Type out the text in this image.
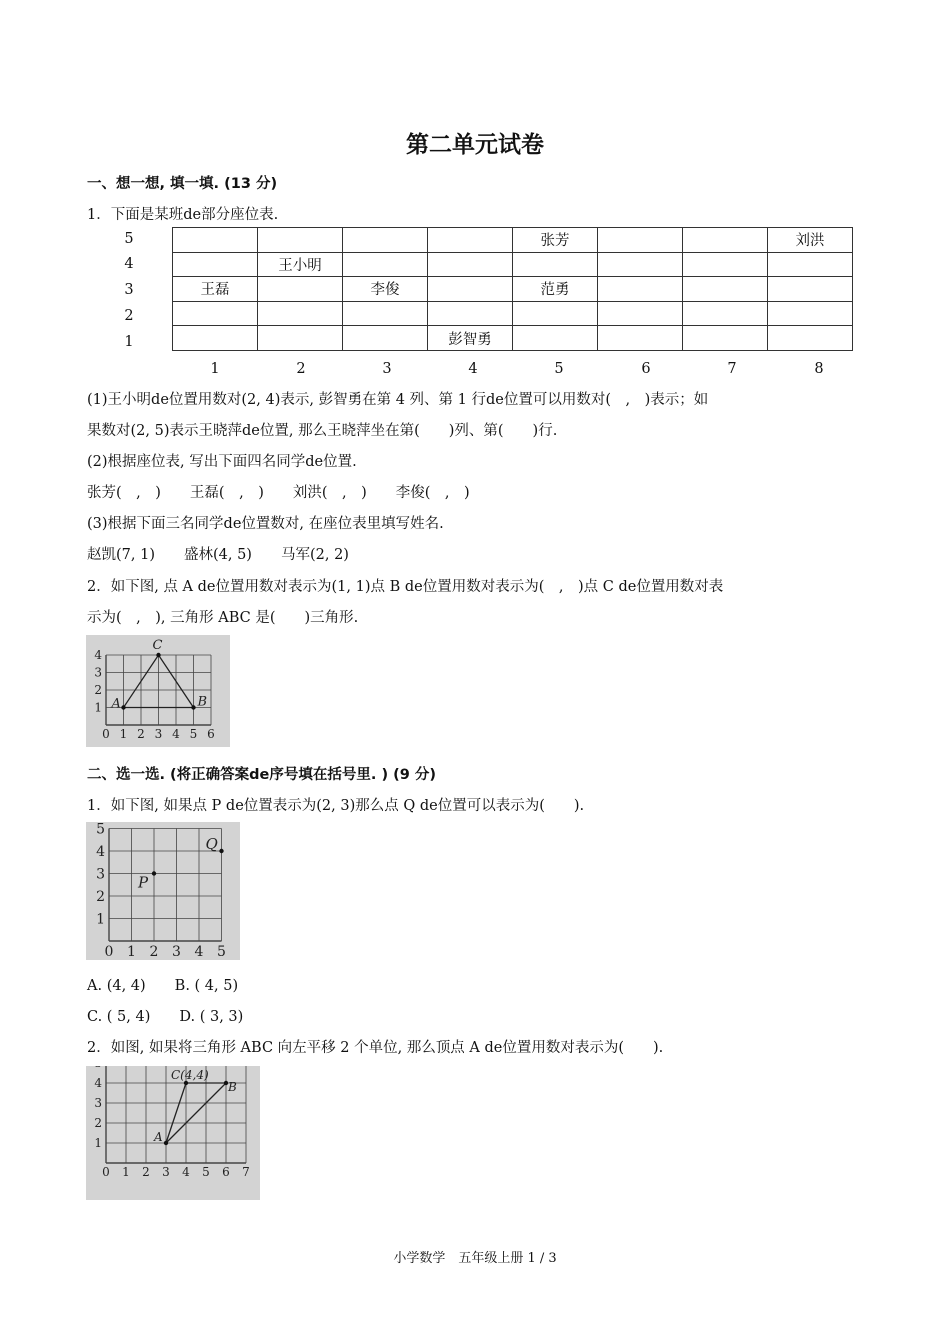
第二单元试卷
一、想一想, 填一填. (13 分)
1．下面是某班de部分座位表.
5
4
3
2
1
				张芳			刘洪
	王小明						
王磊		李俊		范勇			

			彭智勇				
1	2	3	4	5	6	7	8
(1)王小明de位置用数对(2, 4)表示, 彭智勇在第 4 列、第 1 行de位置可以用数对(　,　)表示；如
果数对(2, 5)表示王晓萍de位置, 那么王晓萍坐在第(　　)列、第(　　)行.
(2)根据座位表, 写出下面四名同学de位置.
张芳(　,　)　　王磊(　,　)　　刘洪(　,　)　　李俊(　,　)
(3)根据下面三名同学de位置数对, 在座位表里填写姓名.
赵凯(7, 1)　　盛林(4, 5)　　马军(2, 2)
2．如下图, 点 A de位置用数对表示为(1, 1)点 B de位置用数对表示为(　,　)点 C de位置用数对表
示为(　,　), 三角形 ABC 是(　　)三角形.
0 1 2 3 4 5 6
1
2
3
4
A	B
C
二、选一选. (将正确答案de序号填在括号里. ) (9 分)
1．如下图, 如果点 P de位置表示为(2, 3)那么点 Q de位置可以表示为(　　).
0 1 2 3 4 5
1
2
3
4
5
P
Q
A. (4, 4)　　B. ( 4, 5)
C. ( 5, 4)　　D. ( 3, 3)
2．如图, 如果将三角形 ABC 向左平移 2 个单位, 那么顶点 A de位置用数对表示为(　　).
0 1 2 3 4 5 6 7
1
2
3
4
A
B
C(4,4)
小学数学　五年级上册 1 / 3
